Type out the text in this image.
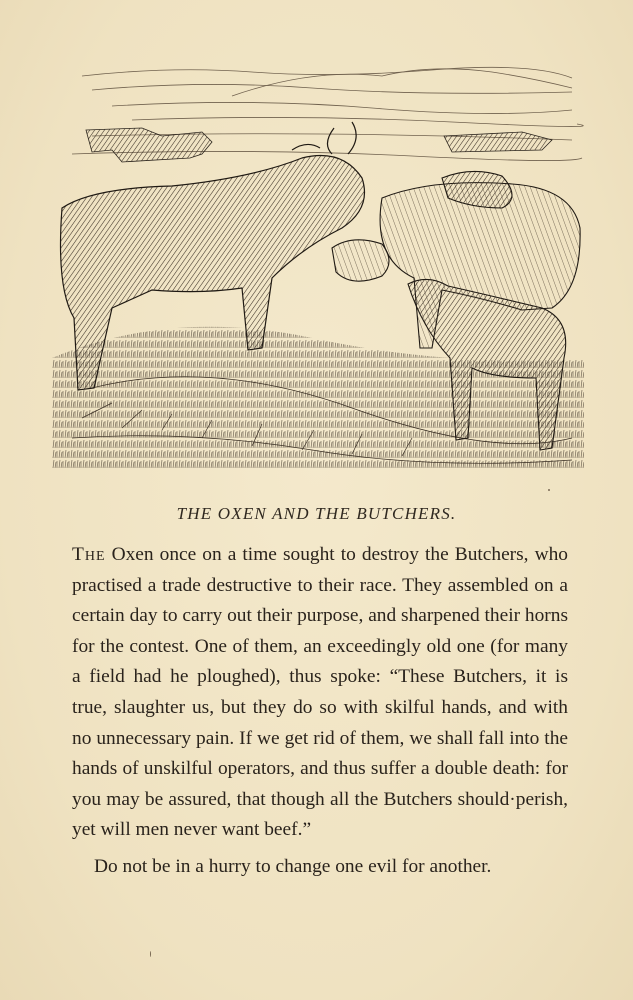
THE OXEN AND THE BUTCHERS.

The Oxen once on a time sought to destroy the Butchers, who practised a trade destructive to their race. They assembled on a certain day to carry out their purpose, and sharpened their horns for the contest. One of them, an exceedingly old one (for many a field had he ploughed), thus spoke: “These Butchers, it is true, slaughter us, but they do so with skilful hands, and with no unnecessary pain. If we get rid of them, we shall fall into the hands of unskilful operators, and thus suffer a double death: for you may be assured, that though all the Butchers should·perish, yet will men never want beef.”

Do not be in a hurry to change one evil for another.
